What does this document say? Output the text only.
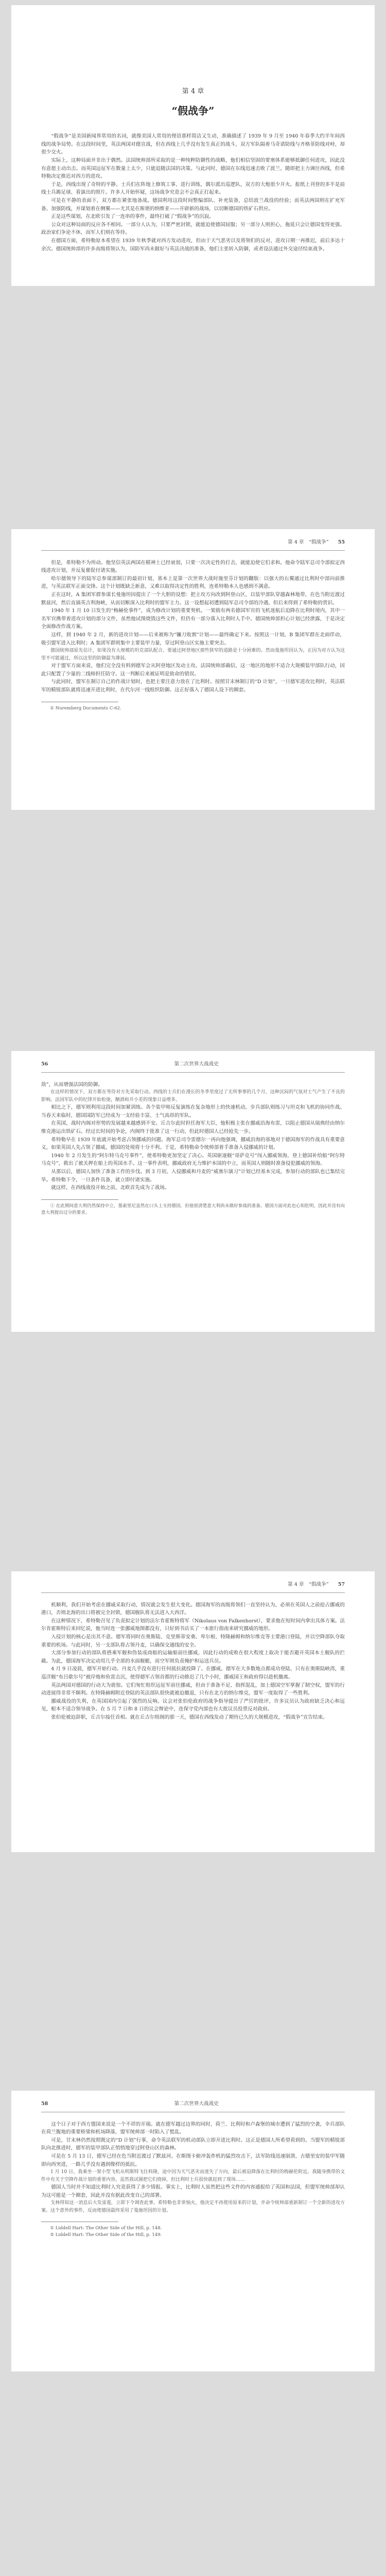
第 4 章
“假战争”

“假战争”是美国新闻界常用的名词，就像美国人常用的俚语那样简洁又生动，准确描述了 1939 年 9 月至 1940 年春季大约半年间西线的战争局势。在这段时间里，英法两国对德宣战，但在西线上几乎没有发生真正的战斗，双方军队隔着马奇诺防线与齐格菲防线对峙，却很少交火。

实际上，这种局面并非出于偶然。法国统帅部所采取的是一种纯粹防御性的战略，他们相信坚固的要塞体系能够抵御任何进攻，因此没有意愿主动出击。而英国远征军在数量上太少，只能追随法国的决策。与此同时，德国在东线迅速击败了波兰，随即把主力调往西线，但希特勒决定推迟对西方的进攻。

于是，西线出现了奇特的平静。士兵们在阵地上修筑工事、进行训练，偶尔派出巡逻队，双方的大炮很少开火。报纸上刊登的多半是前线士兵踢足球、看演出的照片。许多人开始怀疑，这场战争究竟会不会真正打起来。

可是在平静的表面下，双方都在紧张地备战。德国利用这段时间整编部队、补充装备，总结波兰战役的经验；而英法两国则在扩充军备、加强防线，并谋划着在侧翼——尤其是在斯堪的纳维亚——开辟新的战场，以切断德国的铁矿石供应。

正是这些谋划，在北欧引发了一连串的事件，最终打破了“假战争”的沉寂。

公众对这种局面的反应各不相同。一部分人认为，只要严密封锁，就能迫使德国屈服；另一部分人则担心，拖延只会让德国变得更强。政治家们争论不休，而军人们则在等待。

在德国方面，希特勒原本希望在 1939 年秋季就对西方发动进攻，但由于天气恶劣以及将领们的反对，进攻日期一再推迟，前后多达十余次。德国统帅部的许多高级将领认为，国防军尚未做好与英法决战的准备，他们主张转入防御，或者设法通过外交途径结束战争。

第 4 章　“假战争” 55

但是，希特勒不为所动。他坚信英法两国在精神上已经衰弱，只要一次决定性的打击，就能迫使它们求和。他命令陆军总司令部拟定西线进攻计划，并反复催促付诸实施。

哈尔德领导下的陆军总参谋部制订的最初计划，基本上是第一次世界大战时施里芬计划的翻版：以强大的右翼通过比利时中部向前推进，与英法联军正面交锋。这个计划既缺乏新意，又难以取得决定性的胜利，连希特勒本人也感到不满意。

正在这时，A 集团军群参谋长曼施坦因提出了一个大胆的设想：把主攻方向改到阿登山区，以装甲部队穿越森林地带，在色当附近渡过默兹河，然后直插英吉利海峡，从而切断深入比利时的盟军主力。这一设想起初遭到陆军总司令部的冷遇，但后来得到了希特勒的赏识。

1940 年 1 月 10 日发生的“梅赫伦事件”，成为修改计划的重要契机。一架载有两名德国军官的飞机迷航后迫降在比利时境内，其中一名军官携带着进攻计划的部分文件，虽然他试图烧毁这些文件，但仍有一部分落入比利时人手中。德国统帅部担心计划已经泄露，于是决定全面修改作战方案。

这样，到 1940 年 2 月，新的进攻计划——后来被称为“镰刀收割”计划——最终确定下来。按照这一计划，B 集团军群在北面佯动，吸引盟军进入比利时；A 集团军群则集中主要装甲力量，穿过阿登山区实施主要突击。

德国统帅部原先估计，如果没有大规模的坦克部队配合，要通过阿登地区那些狭窄的道路是十分困难的。然而曼施坦因认为，正因为对方认为这里不可能通过，所以这里的防御最为薄弱。

对于盟军方面来说，他们完全没有料到德军会从阿登地区发动主攻。法国统帅部确信，这一地区的地形不适合大规模装甲部队行动，因此只配置了少量的二线师担任防守。这一判断后来被证明是致命的错误。

与此同时，盟军在制订自己的作战计划时，也把主要注意力放在了比利时。按照甘末林制订的“D 计划”，一旦德军进攻比利时，英法联军的精锐部队就将迅速开进比利时，在代尔河一线组织防御。这正好落入了德国人设下的圈套。

① Nuremberg Documents C-62.

56	第二次世界大战战史

敌”，从而增强法国的防御。

在这样的情况下，双方都在等待对方先采取行动。西线的士兵们在漫长的冬季里度过了无所事事的几个月，这种沉闷的气氛对士气产生了不良的影响。法国军队中的纪律开始松弛，酗酒和开小差的现象日益增多。

相比之下，德军则利用这段时间加紧训练。各个装甲师反复演练在复杂地形上的快速机动，步兵部队则练习与坦克和飞机的协同作战。当春天来临时，德国国防军已经成为一支经验丰富、士气高昂的军队。

在英国，战时内阁对形势的发展越来越感到不安。丘吉尔此时担任海军大臣，他积极主张在挪威沿海布雷，以阻止德国从瑞典经由纳尔维克港运出铁矿石。经过长时间的争论，内阁终于批准了这一行动，但此时德国人已经抢先一步。

希特勒早在 1939 年底就开始考虑占领挪威的问题。海军总司令雷德尔一再向他强调，挪威沿海的基地对于德国海军的作战具有重要意义，如果英国人先占领了挪威，德国的处境将十分不利。于是，希特勒命令统帅部着手准备入侵挪威的计划。

1940 年 2 月发生的“阿尔特马克号事件”，使希特勒更加坚定了决心。英国驱逐舰“哥萨克号”闯入挪威领海，登上德国补给船“阿尔特马克号”，救出了被关押在船上的英国水手。这一事件表明，挪威政府无力维护本国的中立，而英国人则随时准备侵犯挪威的领海。

从那以后，德国人加快了准备工作的步伐。到 3 月初，入侵挪威和丹麦的“威塞尔演习”计划已经基本完成，参加行动的部队也已集结完毕。希特勒下令，一旦条件具备，就立即付诸实施。

就这样，在西线战役开始之前，北欧首先成为了战场。

① 在此期间意大利仍然保持中立，墨索里尼虽然在口头上支持德国，但他很清楚意大利尚未做好参战的准备。德国方面对此也心知肚明，因此并没有向意大利提出过分的要求。

第 4 章　“假战争” 57

机顺利，我们开始考虑在挪威采取行动，情况就会发生很大变化。德国海军的高级将领们一直坚持认为，必须在英国人之前抢占挪威的港口，否则北海的出口将被完全封锁，德国舰队将无法进入大西洋。

在这种情况下，希特勒召见了负责拟定计划的法尔肯霍斯特将军（Nikolaus von Falkenhorst），要求他在短时间内拿出具体方案。法尔肯霍斯特后来回忆说，他当时连一张挪威地图都没有，只好到书店买了一本旅行指南来研究挪威的地形。

入侵计划的核心是出其不意。德军将同时在奥斯陆、克里斯蒂安桑、卑尔根、特隆赫姆和纳尔维克等主要港口登陆，并以空降部队夺取重要的机场。与此同时，另一支部队将占领丹麦，以确保交通线的安全。

大部分参加行动的部队将搭乘军舰和伪装成商船的运输船前往挪威，因此行动的成败在很大程度上取决于能否避开英国本土舰队的拦截。为此，德国海军决定动用几乎全部的水面舰艇，而空军则负责掩护和运送兵员。

4 月 9 日凌晨，德军开始行动。丹麦几乎没有进行任何抵抗就投降了。在挪威，德军在大多数地点都成功登陆，只有在奥斯陆峡湾，重巡洋舰“布吕歇尔号”被岸炮和鱼雷击沉，使得德军占领首都的行动推迟了几个小时，挪威国王和政府得以趁机撤离。

英法两国对德国的行动大为震惊。它们匆忙组织远征军前往挪威，但由于准备不足、指挥混乱，加上德国空军掌握了制空权，盟军的行动进展得非常不顺利。在特隆赫姆附近登陆的英法部队很快就被迫撤退，只有在北方的纳尔维克，盟军一度取得了一些胜利。

挪威战役的失利，在英国国内引起了强烈的反响。议会对张伯伦政府的战争指导提出了严厉的批评，许多议员认为政府缺乏决心和远见，根本不适合领导战争。在 5 月 7 日和 8 日的议会辩论中，连保守党内部也有大批议员投票反对政府。

张伯伦被迫辞职，丘吉尔接任首相。就在丘吉尔组阁的那一天，德国在西线发动了期待已久的大规模进攻，“假战争”宣告结束。

58	第二次世界大战战史

这个日子对于西方盟国来说是一个不祥的开端。就在德军越过边界的同时，荷兰、比利时和卢森堡的城市遭到了猛烈的空袭，伞兵部队在荷兰腹地的重要桥梁和机场降落，盟军统帅部一时陷入了慌乱。

可是，甘末林仍然按照既定的“D 计划”行事，命令英法联军的机动部队立即开进比利时。这正是德国人所希望看到的。当盟军的精锐部队向北推进时，德军的装甲部队正悄悄地穿过阿登山区的森林。

可是在 5 月 13 日，德军已经在色当附近渡过了默兹河。在斯图卡俯冲轰炸机的猛烈攻击下，法军防线迅速崩溃，古德里安的装甲军随即向西突进，一路几乎没有遇到像样的抵抗。

1 月 10 日，我乘坐一架小型飞机从明斯特飞往科隆，途中因为天气恶劣而迷失了方向，最后被迫降落在比利时的梅赫伦附近。我随身携带的文件中有关于空降作战计划的重要内容，虽然我试图把它们烧掉，但比利时士兵很快就赶到了现场……

德国人当时并不知道比利时人究竟获得了多少情报。事实上，比利时人虽然把这些文件的内容通报给了英国和法国，但盟军统帅部却认为这可能是一个圈套，因此并没有据此改变自己的部署。

戈林得知这一消息后大发雷霆，立即下令调查此事。希特勒也非常恼火，他决定不再使用原来的计划，并命令统帅部重新制订一个全新的进攻方案。这个意外的事件，反而使德国最终采用了曼施坦因的计划。

① Liddell Hart: The Other Side of the Hill, p. 148.

② Liddell Hart: The Other Side of the Hill, p. 149.
